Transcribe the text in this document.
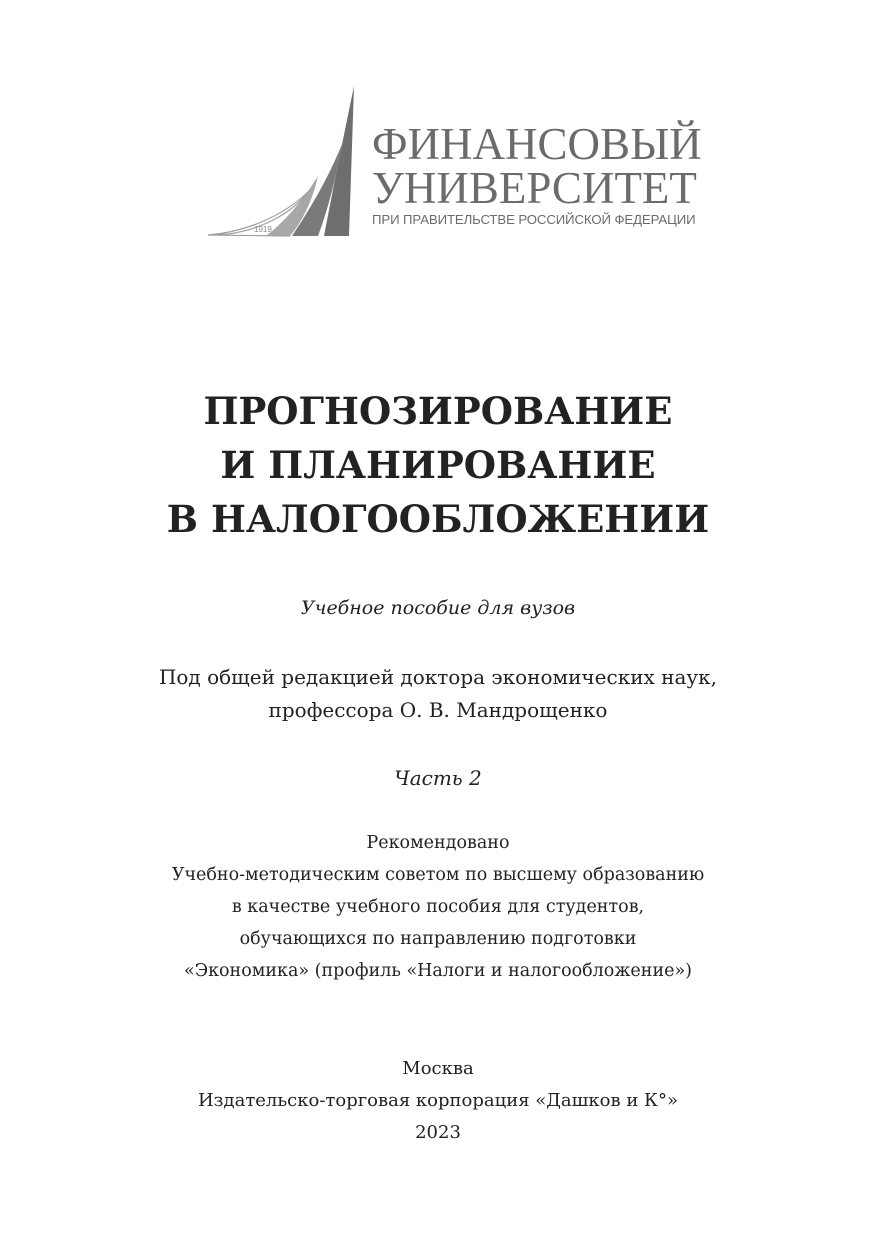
1919
ФИНАНСОВЫЙ
УНИВЕРСИТЕТ
ПРИ ПРАВИТЕЛЬСТВЕ РОССИЙСКОЙ ФЕДЕРАЦИИ
ПРОГНОЗИРОВАНИЕ
И ПЛАНИРОВАНИЕ
В НАЛОГООБЛОЖЕНИИ
Учебное пособие для вузов
Под общей редакцией доктора экономических наук,
профессора О. В. Мандрощенко
Часть 2
Рекомендовано
Учебно-методическим советом по высшему образованию
в качестве учебного пособия для студентов,
обучающихся по направлению подготовки
«Экономика» (профиль «Налоги и налогообложение»)
Москва
Издательско-торговая корпорация «Дашков и К°»
2023
